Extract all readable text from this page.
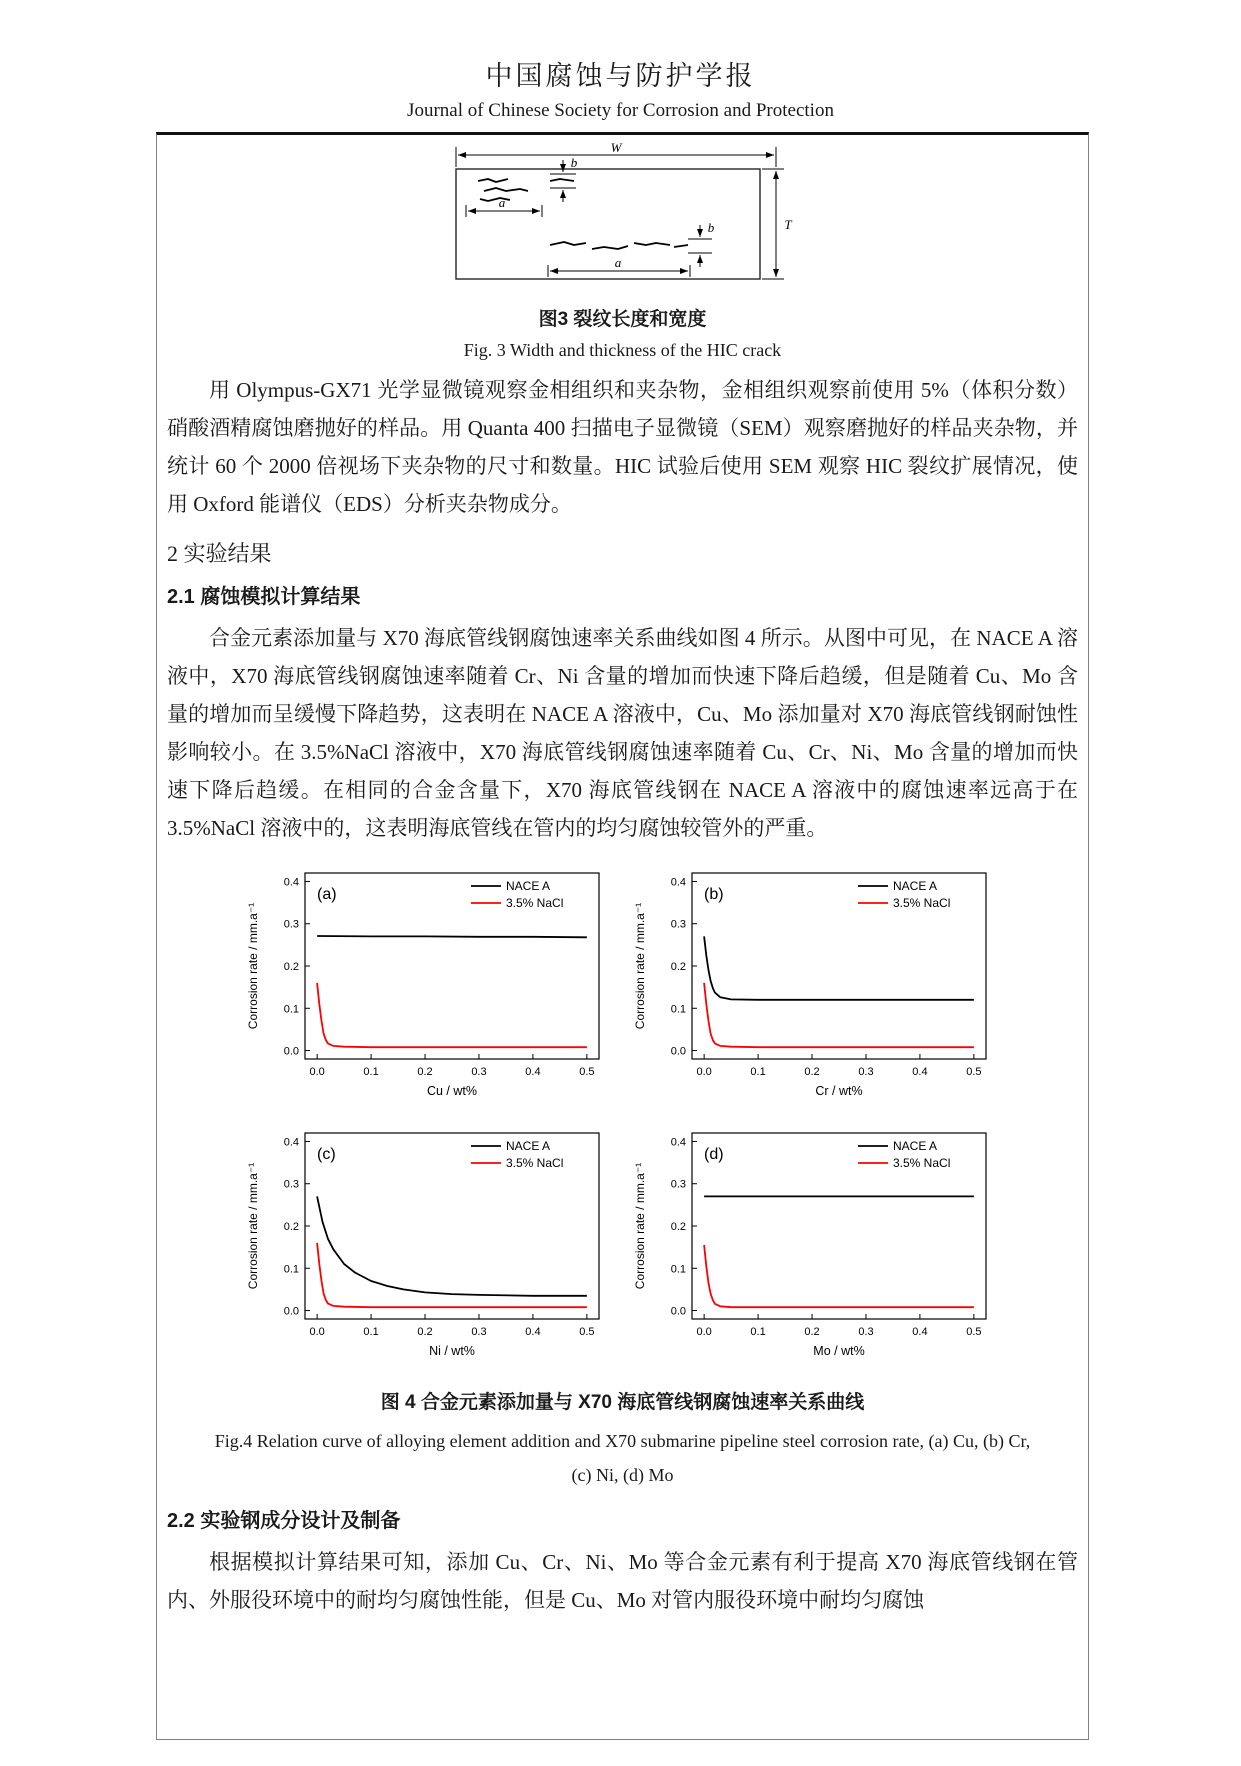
中国腐蚀与防护学报
Journal of Chinese Society for Corrosion and Protection
W
T
a
b
b
a
图3 裂纹长度和宽度
Fig. 3 Width and thickness of the HIC crack

用 Olympus-GX71 光学显微镜观察金相组织和夹杂物，金相组织观察前使用 5%（体积分数）硝酸酒精腐蚀磨抛好的样品。用 Quanta 400 扫描电子显微镜（SEM）观察磨抛好的样品夹杂物，并统计 60 个 2000 倍视场下夹杂物的尺寸和数量。HIC 试验后使用 SEM 观察 HIC 裂纹扩展情况，使用 Oxford 能谱仪（EDS）分析夹杂物成分。

2 实验结果
2.1 腐蚀模拟计算结果

合金元素添加量与 X70 海底管线钢腐蚀速率关系曲线如图 4 所示。从图中可见，在 NACE A 溶液中，X70 海底管线钢腐蚀速率随着 Cr、Ni 含量的增加而快速下降后趋缓，但是随着 Cu、Mo 含量的增加而呈缓慢下降趋势，这表明在 NACE A 溶液中，Cu、Mo 添加量对 X70 海底管线钢耐蚀性影响较小。在 3.5%NaCl 溶液中，X70 海底管线钢腐蚀速率随着 Cu、Cr、Ni、Mo 含量的增加而快速下降后趋缓。在相同的合金含量下，X70 海底管线钢在 NACE A 溶液中的腐蚀速率远高于在 3.5%NaCl 溶液中的，这表明海底管线在管内的均匀腐蚀较管外的严重。

0.0	0.1	0.2	0.3	0.4	0.5
0.0
0.1
0.2
0.3
0.4
Cu / wt%
Corrosion rate / mm.a⁻¹
(a)	NACE A
3.5% NaCl
0.0	0.1	0.2	0.3	0.4	0.5
0.0
0.1
0.2
0.3
0.4
Cr / wt%
Corrosion rate / mm.a⁻¹
(b)	NACE A
3.5% NaCl
0.0	0.1	0.2	0.3	0.4	0.5
0.0
0.1
0.2
0.3
0.4
Ni / wt%
Corrosion rate / mm.a⁻¹
(c)	NACE A
3.5% NaCl
0.0	0.1	0.2	0.3	0.4	0.5
0.0
0.1
0.2
0.3
0.4
Mo / wt%
Corrosion rate / mm.a⁻¹
(d)	NACE A
3.5% NaCl
图 4 合金元素添加量与 X70 海底管线钢腐蚀速率关系曲线
Fig.4 Relation curve of alloying element addition and X70 submarine pipeline steel corrosion rate, (a) Cu, (b) Cr,
(c) Ni, (d) Mo
2.2 实验钢成分设计及制备

根据模拟计算结果可知，添加 Cu、Cr、Ni、Mo 等合金元素有利于提高 X70 海底管线钢在管内、外服役环境中的耐均匀腐蚀性能，但是 Cu、Mo 对管内服役环境中耐均匀腐蚀
